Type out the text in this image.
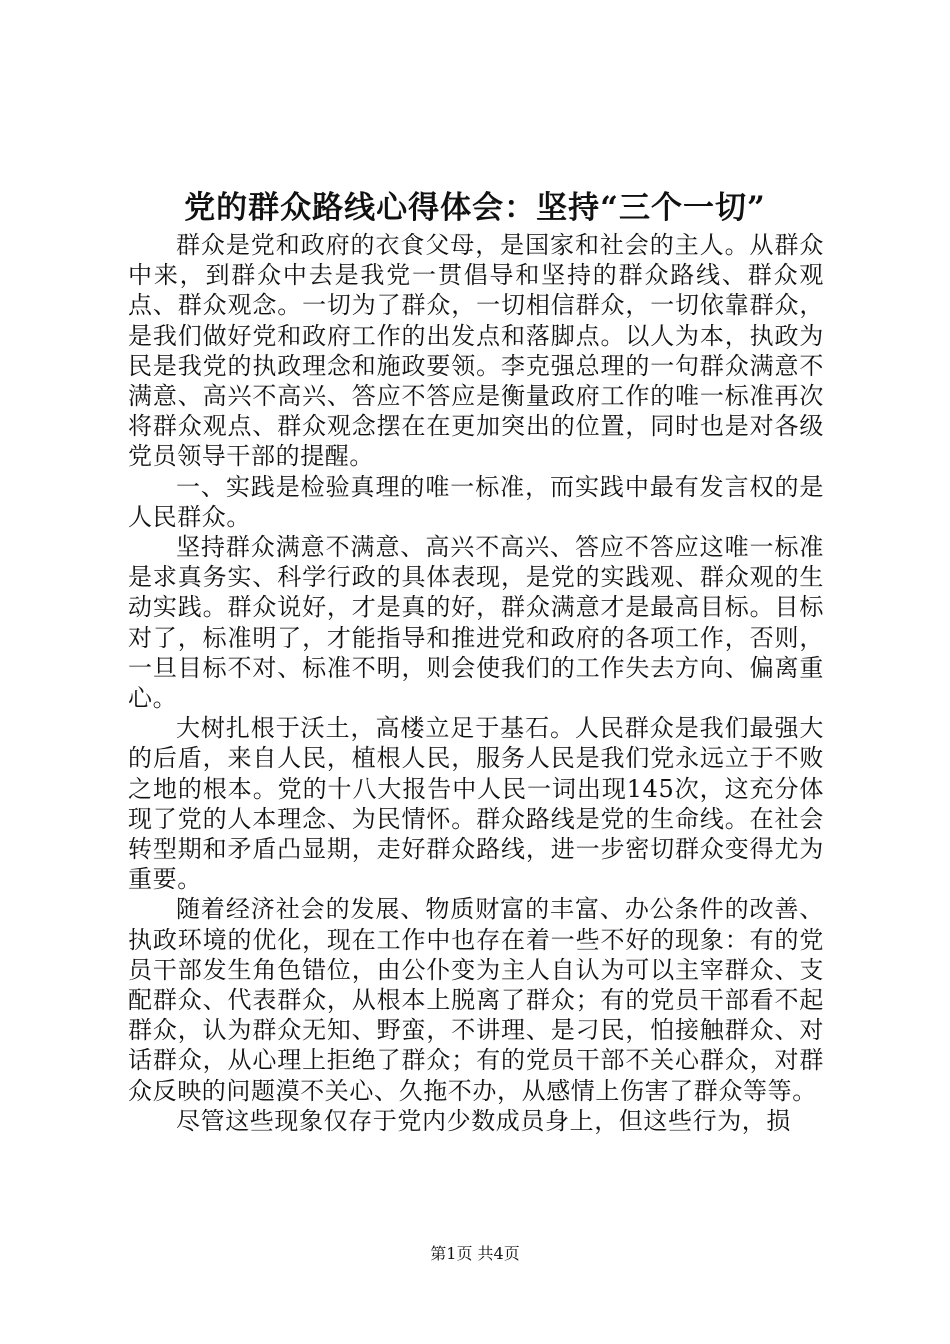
党的群众路线心得体会：坚持“三个一切”

群众是党和政府的衣食父母，是国家和社会的主人。从群众中来，到群众中去是我党一贯倡导和坚持的群众路线、群众观点、群众观念。一切为了群众，一切相信群众，一切依靠群众，是我们做好党和政府工作的出发点和落脚点。以人为本，执政为民是我党的执政理念和施政要领。李克强总理的一句群众满意不满意、高兴不高兴、答应不答应是衡量政府工作的唯一标准再次将群众观点、群众观念摆在在更加突出的位置，同时也是对各级党员领导干部的提醒。

一、实践是检验真理的唯一标准，而实践中最有发言权的是人民群众。

坚持群众满意不满意、高兴不高兴、答应不答应这唯一标准是求真务实、科学行政的具体表现，是党的实践观、群众观的生动实践。群众说好，才是真的好，群众满意才是最高目标。目标对了，标准明了，才能指导和推进党和政府的各项工作，否则，一旦目标不对、标准不明，则会使我们的工作失去方向、偏离重心。

大树扎根于沃土，高楼立足于基石。人民群众是我们最强大的后盾，来自人民，植根人民，服务人民是我们党永远立于不败之地的根本。党的十八大报告中人民一词出现145次，这充分体现了党的人本理念、为民情怀。群众路线是党的生命线。在社会转型期和矛盾凸显期，走好群众路线，进一步密切群众变得尤为重要。

随着经济社会的发展、物质财富的丰富、办公条件的改善、执政环境的优化，现在工作中也存在着一些不好的现象：有的党员干部发生角色错位，由公仆变为主人自认为可以主宰群众、支配群众、代表群众，从根本上脱离了群众；有的党员干部看不起群众，认为群众无知、野蛮，不讲理、是刁民，怕接触群众、对话群众，从心理上拒绝了群众；有的党员干部不关心群众，对群众反映的问题漠不关心、久拖不办，从感情上伤害了群众等等。

尽管这些现象仅存于党内少数成员身上，但这些行为，损

第1页 共4页
